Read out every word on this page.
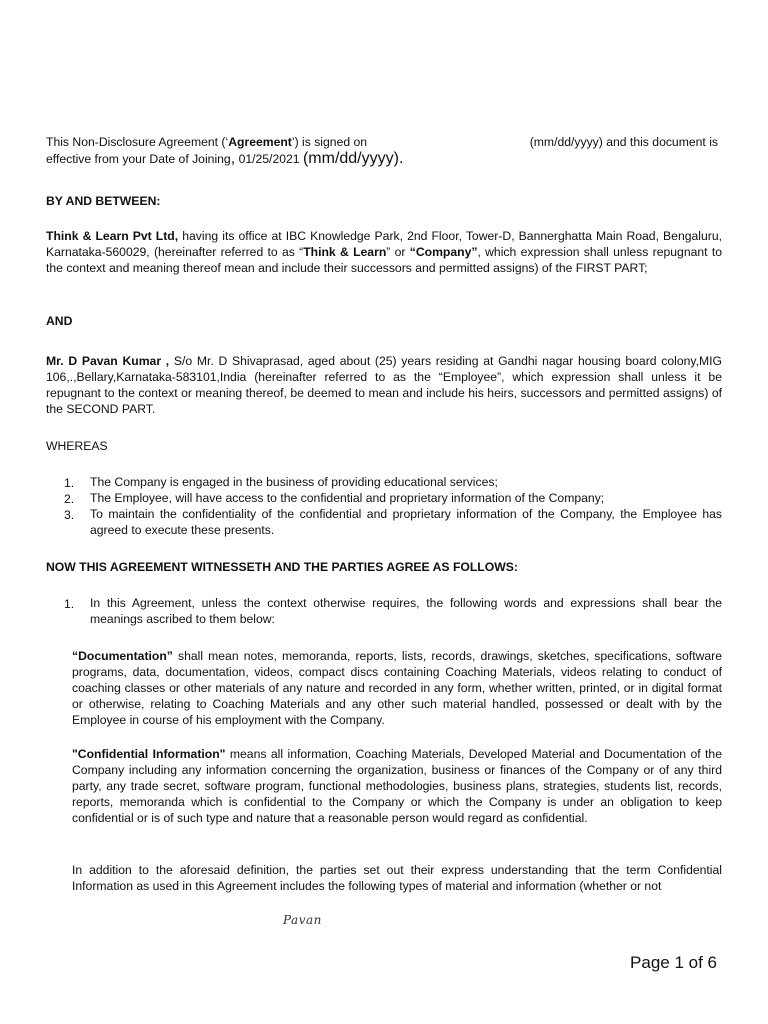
This Non-Disclosure Agreement (‘Agreement’) is signed on	(mm/dd/yyyy) and this document is
effective from your Date of Joining, 01/25/2021 (mm/dd/yyyy).

BY AND BETWEEN:

Think & Learn Pvt Ltd, having its office at IBC Knowledge Park, 2nd Floor, Tower-D, Bannerghatta Main Road, Bengaluru, Karnataka-560029, (hereinafter referred to as “Think & Learn” or “Company”, which expression shall unless repugnant to the context and meaning thereof mean and include their successors and permitted assigns) of the FIRST PART;

AND

Mr. D Pavan Kumar , S/o Mr. D Shivaprasad, aged about (25) years residing at Gandhi nagar housing board colony,MIG 106,.,Bellary,Karnataka-583101,India (hereinafter referred to as the “Employee”, which expression shall unless it be repugnant to the context or meaning thereof, be deemed to mean and include his heirs, successors and permitted assigns) of the SECOND PART.

WHEREAS

1. The Company is engaged in the business of providing educational services;
2. The Employee, will have access to the confidential and proprietary information of the Company;
3. To maintain the confidentiality of the confidential and proprietary information of the Company, the Employee has agreed to execute these presents.

NOW THIS AGREEMENT WITNESSETH AND THE PARTIES AGREE AS FOLLOWS:

1. In this Agreement, unless the context otherwise requires, the following words and expressions shall bear the meanings ascribed to them below:

“Documentation” shall mean notes, memoranda, reports, lists, records, drawings, sketches, specifications, software programs, data, documentation, videos, compact discs containing Coaching Materials, videos relating to conduct of coaching classes or other materials of any nature and recorded in any form, whether written, printed, or in digital format or otherwise, relating to Coaching Materials and any other such material handled, possessed or dealt with by the Employee in course of his employment with the Company.

"Confidential Information" means all information, Coaching Materials, Developed Material and Documentation of the Company including any information concerning the organization, business or finances of the Company or of any third party, any trade secret, software program, functional methodologies, business plans, strategies, students list, records, reports, memoranda which is confidential to the Company or which the Company is under an obligation to keep confidential or is of such type and nature that a reasonable person would regard as confidential.

In addition to the aforesaid definition, the parties set out their express understanding that the term Confidential Information as used in this Agreement includes the following types of material and information (whether or not

Pavan
Page 1 of 6
